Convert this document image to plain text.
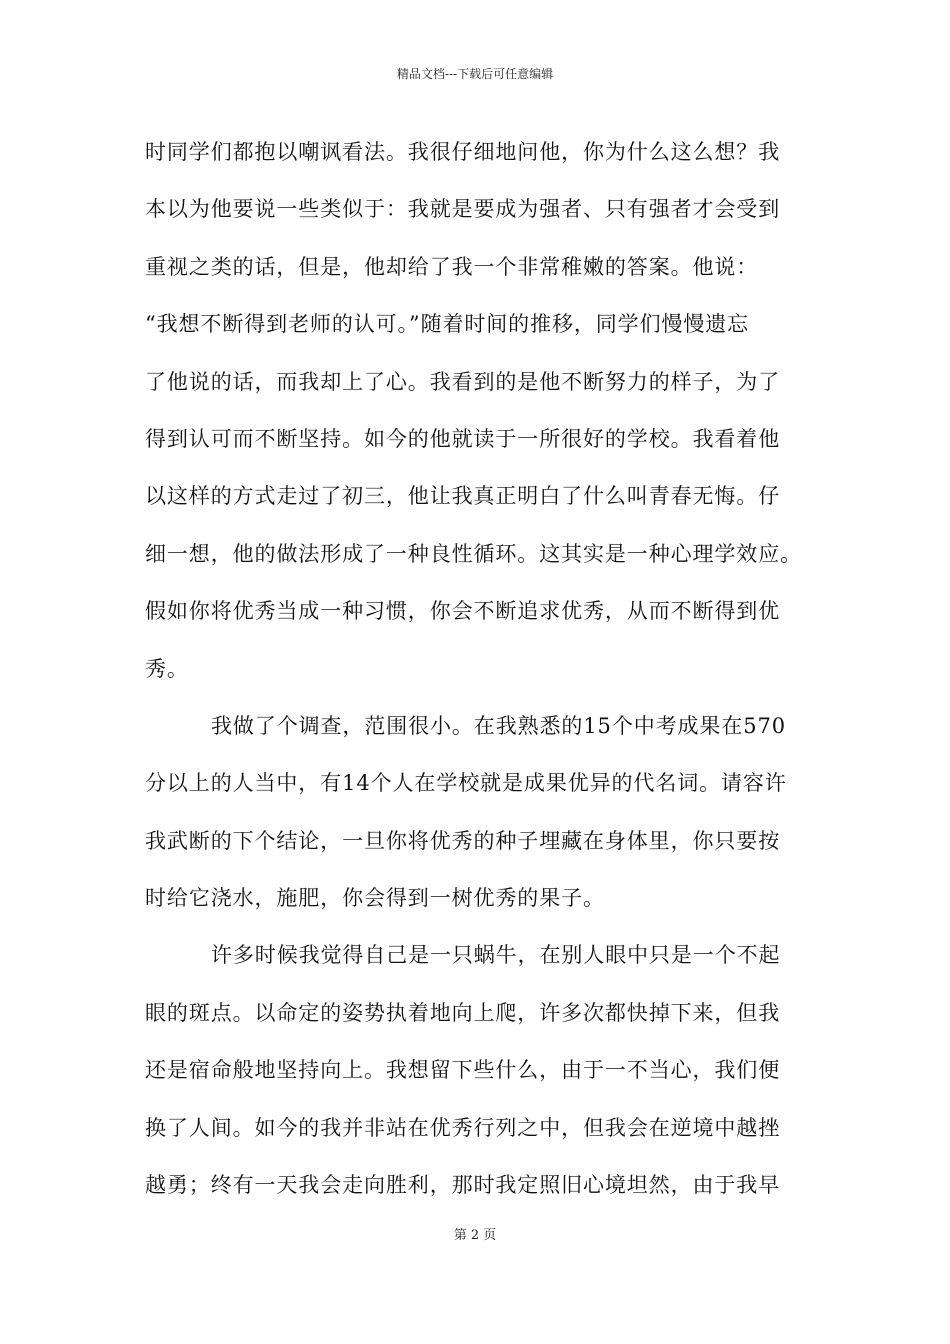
精品文档---下载后可任意编辑
时同学们都抱以嘲讽看法。我很仔细地问他，你为什么这么想？我
本以为他要说一些类似于：我就是要成为强者、只有强者才会受到
重视之类的话，但是，他却给了我一个非常稚嫩的答案。他说：
“我想不断得到老师的认可。”随着时间的推移，同学们慢慢遗忘
了他说的话，而我却上了心。我看到的是他不断努力的样子，为了
得到认可而不断坚持。如今的他就读于一所很好的学校。我看着他
以这样的方式走过了初三，他让我真正明白了什么叫青春无悔。仔
细一想，他的做法形成了一种良性循环。这其实是一种心理学效应。
假如你将优秀当成一种习惯，你会不断追求优秀，从而不断得到优
秀。
我做了个调查，范围很小。在我熟悉的15个中考成果在570
分以上的人当中，有14个人在学校就是成果优异的代名词。请容许
我武断的下个结论，一旦你将优秀的种子埋藏在身体里，你只要按
时给它浇水，施肥，你会得到一树优秀的果子。
许多时候我觉得自己是一只蜗牛，在别人眼中只是一个不起
眼的斑点。以命定的姿势执着地向上爬，许多次都快掉下来，但我
还是宿命般地坚持向上。我想留下些什么，由于一不当心，我们便
换了人间。如今的我并非站在优秀行列之中，但我会在逆境中越挫
越勇；终有一天我会走向胜利，那时我定照旧心境坦然，由于我早
第 2 页
